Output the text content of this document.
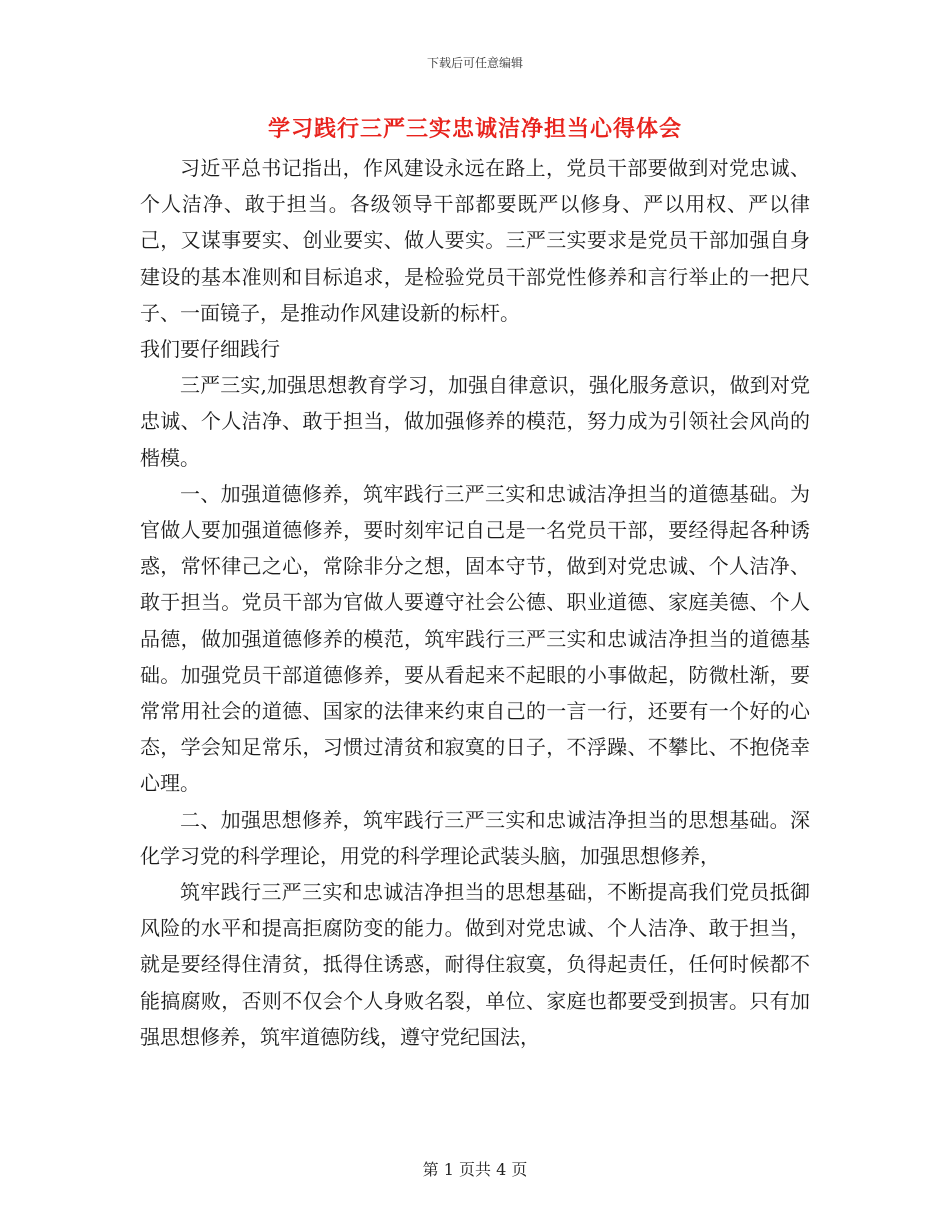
下载后可任意编辑
学习践行三严三实忠诚洁净担当心得体会

习近平总书记指出，作风建设永远在路上，党员干部要做到对党忠诚、个人洁净、敢于担当。各级领导干部都要既严以修身、严以用权、严以律己，又谋事要实、创业要实、做人要实。三严三实要求是党员干部加强自身建设的基本准则和目标追求，是检验党员干部党性修养和言行举止的一把尺子、一面镜子，是推动作风建设新的标杆。

我们要仔细践行

三严三实,加强思想教育学习，加强自律意识，强化服务意识，做到对党忠诚、个人洁净、敢于担当，做加强修养的模范，努力成为引领社会风尚的楷模。

一、加强道德修养，筑牢践行三严三实和忠诚洁净担当的道德基础。为官做人要加强道德修养，要时刻牢记自己是一名党员干部，要经得起各种诱惑，常怀律己之心，常除非分之想，固本守节，做到对党忠诚、个人洁净、敢于担当。党员干部为官做人要遵守社会公德、职业道德、家庭美德、个人品德，做加强道德修养的模范，筑牢践行三严三实和忠诚洁净担当的道德基础。加强党员干部道德修养，要从看起来不起眼的小事做起，防微杜渐，要常常用社会的道德、国家的法律来约束自己的一言一行，还要有一个好的心态，学会知足常乐，习惯过清贫和寂寞的日子，不浮躁、不攀比、不抱侥幸心理。

二、加强思想修养，筑牢践行三严三实和忠诚洁净担当的思想基础。深化学习党的科学理论，用党的科学理论武装头脑，加强思想修养，

筑牢践行三严三实和忠诚洁净担当的思想基础，不断提高我们党员抵御风险的水平和提高拒腐防变的能力。做到对党忠诚、个人洁净、敢于担当，就是要经得住清贫，抵得住诱惑，耐得住寂寞，负得起责任，任何时候都不能搞腐败，否则不仅会个人身败名裂，单位、家庭也都要受到损害。只有加强思想修养，筑牢道德防线，遵守党纪国法，

第 1 页共 4 页
